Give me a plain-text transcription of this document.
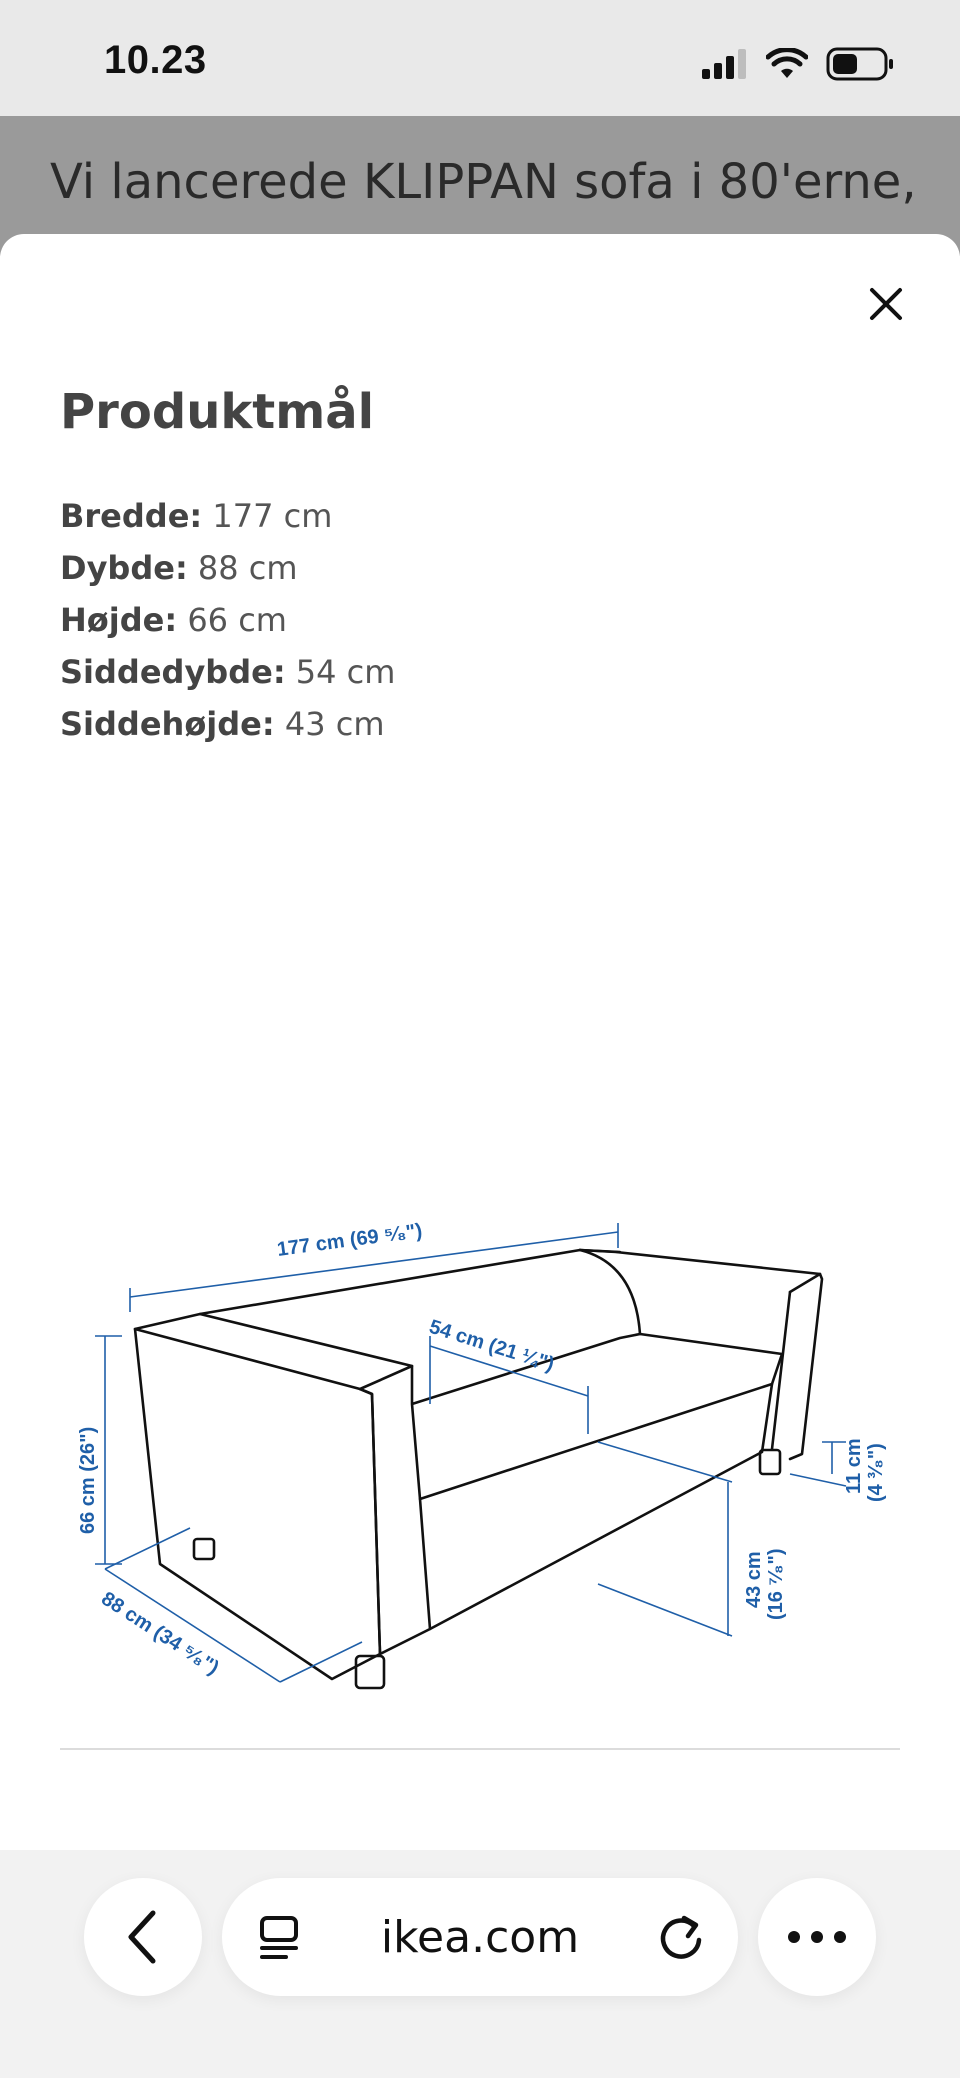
10.23
Vi lancerede KLIPPAN sofa i 80'erne,
Produktmål
Bredde: 177 cm
Dybde: 88 cm
Højde: 66 cm
Siddedybde: 54 cm
Siddehøjde: 43 cm
177 cm (69 ⁵⁄₈")
54 cm (21 ¼")
66 cm (26")
88 cm (34 ⁵⁄₈")
43 cm (16 ⁷⁄₈")
11 cm (4 ³⁄₈")
ikea.com
